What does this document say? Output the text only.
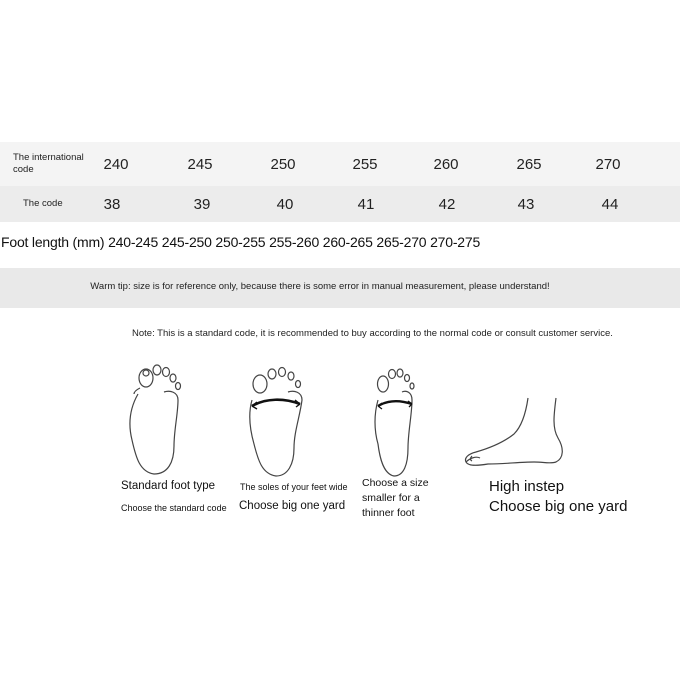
The international code	240	245	250	255	260	265	270
The code	38	39	40	41	42	43	44
Foot length (mm) 240-245 245-250 250-255 255-260 260-265 265-270 270-275
Warm tip: size is for reference only, because there is some error in manual measurement, please understand!
Note: This is a standard code, it is recommended to buy according to the normal code or consult customer service.
Standard foot type
Choose the standard code
The soles of your feet wide
Choose big one yard
Choose a size
smaller for a
thinner foot
High instep
Choose big one yard
